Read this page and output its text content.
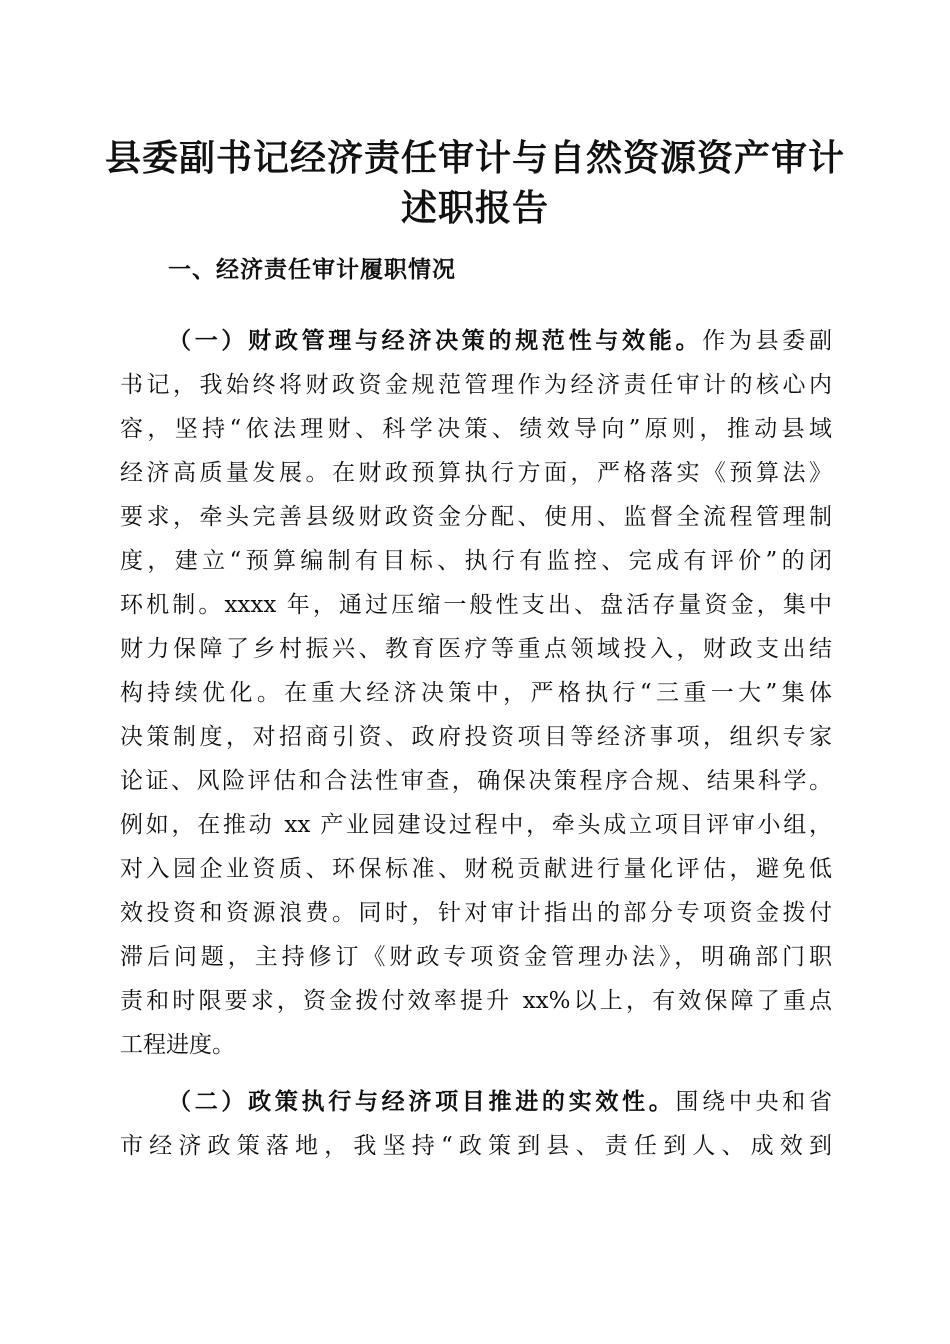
县委副书记经济责任审计与自然资源资产审计
述职报告
一、经济责任审计履职情况

（一）财政管理与经济决策的规范性与效能。作为县委副

书记，我始终将财政资金规范管理作为经济责任审计的核心内

容，坚持“依法理财、科学决策、绩效导向”原则，推动县域

经济高质量发展。在财政预算执行方面，严格落实《预算法》

要求，牵头完善县级财政资金分配、使用、监督全流程管理制

度，建立“预算编制有目标、执行有监控、完成有评价”的闭

环机制。xxxx 年，通过压缩一般性支出、盘活存量资金，集中

财力保障了乡村振兴、教育医疗等重点领域投入，财政支出结

构持续优化。在重大经济决策中，严格执行“三重一大”集体

决策制度，对招商引资、政府投资项目等经济事项，组织专家

论证、风险评估和合法性审查，确保决策程序合规、结果科学。

例如，在推动 xx 产业园建设过程中，牵头成立项目评审小组，

对入园企业资质、环保标准、财税贡献进行量化评估，避免低

效投资和资源浪费。同时，针对审计指出的部分专项资金拨付

滞后问题，主持修订《财政专项资金管理办法》，明确部门职

责和时限要求，资金拨付效率提升 xx%以上，有效保障了重点

工程进度。

（二）政策执行与经济项目推进的实效性。围绕中央和省

市经济政策落地，我坚持“政策到县、责任到人、成效到
